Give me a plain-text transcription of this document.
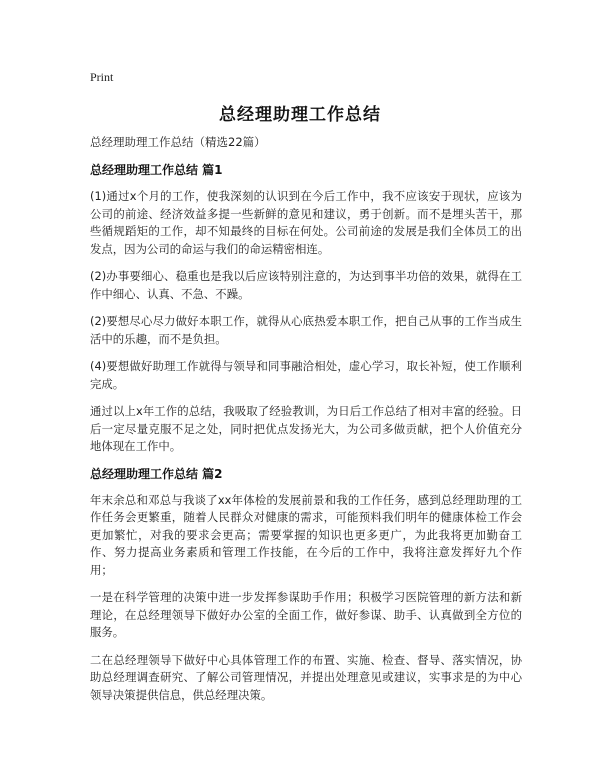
Print
总经理助理工作总结

总经理助理工作总结（精选22篇）

总经理助理工作总结 篇1

(1)通过x个月的工作，使我深刻的认识到在今后工作中，我不应该安于现状，应该为公司的前途、经济效益多提一些新鲜的意见和建议，勇于创新。而不是埋头苦干，那些循规蹈矩的工作，却不知最终的目标在何处。公司前途的发展是我们全体员工的出发点，因为公司的命运与我们的命运精密相连。

(2)办事要细心、稳重也是我以后应该特别注意的，为达到事半功倍的效果，就得在工作中细心、认真、不急、不躁。

(2)要想尽心尽力做好本职工作，就得从心底热爱本职工作，把自己从事的工作当成生活中的乐趣，而不是负担。

(4)要想做好助理工作就得与领导和同事融洽相处，虚心学习，取长补短，使工作顺利完成。

通过以上x年工作的总结，我吸取了经验教训，为日后工作总结了相对丰富的经验。日后一定尽量克服不足之处，同时把优点发扬光大，为公司多做贡献，把个人价值充分地体现在工作中。

总经理助理工作总结 篇2

年末余总和邓总与我谈了xx年体检的发展前景和我的工作任务，感到总经理助理的工作任务会更繁重，随着人民群众对健康的需求，可能预料我们明年的健康体检工作会更加繁忙，对我的要求会更高；需要掌握的知识也更多更广，为此我将更加勤奋工作、努力提高业务素质和管理工作技能，在今后的工作中，我将注意发挥好九个作用；

一是在科学管理的决策中进一步发挥参谋助手作用；积极学习医院管理的新方法和新理论，在总经理领导下做好办公室的全面工作，做好参谋、助手、认真做到全方位的服务。

二在总经理领导下做好中心具体管理工作的布置、实施、检查、督导、落实情况，协助总经理调查研究、了解公司管理情况，并提出处理意见或建议，实事求是的为中心领导决策提供信息，供总经理决策。
